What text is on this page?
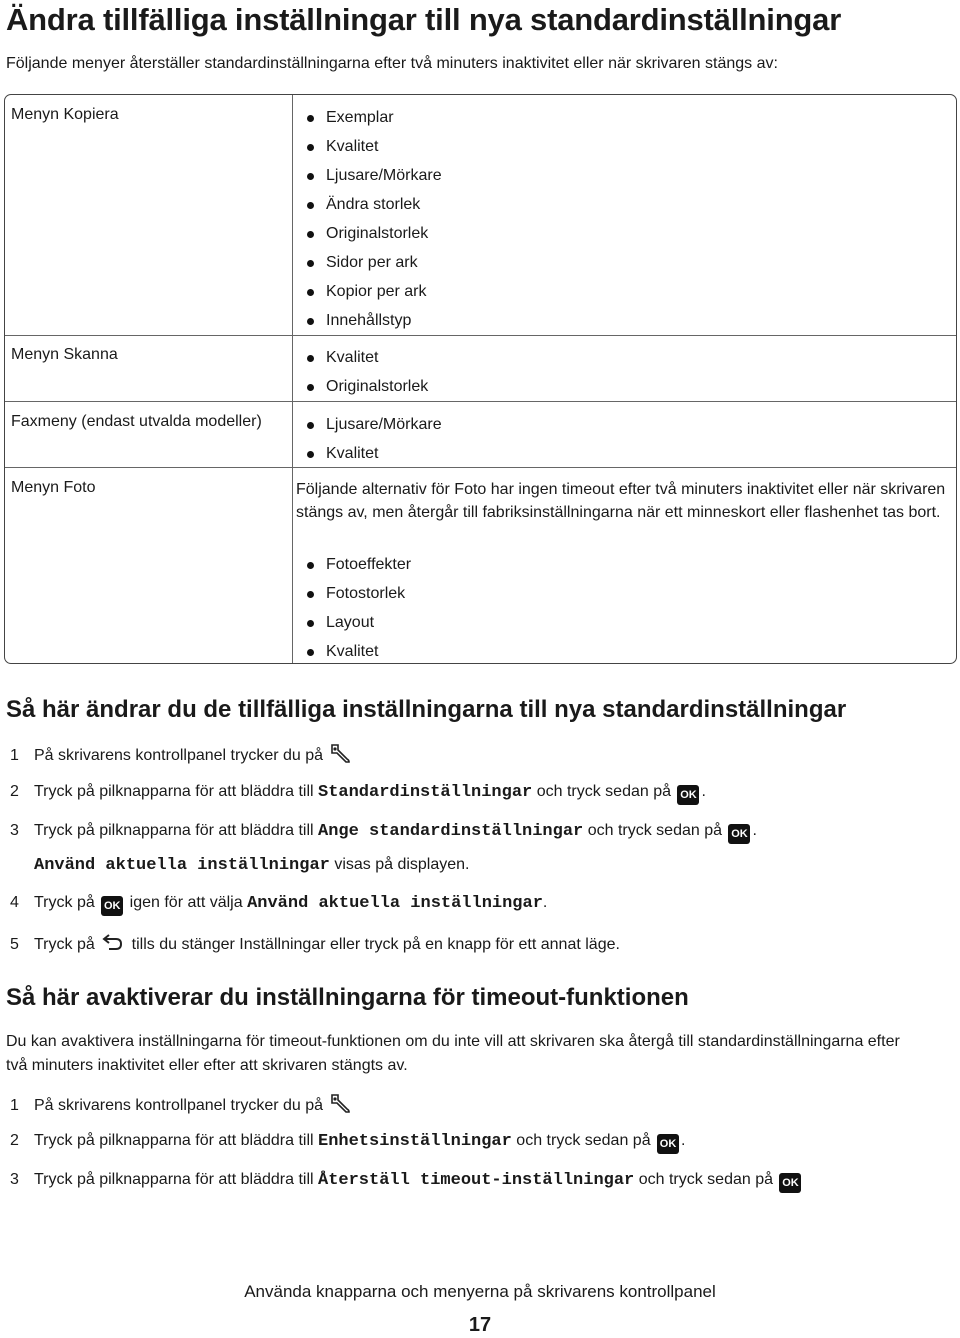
Ändra tillfälliga inställningar till nya standardinställningar
Följande menyer återställer standardinställningarna efter två minuters inaktivitet eller när skrivaren stängs av:
Menyn Kopiera	Exemplar
Kvalitet
Ljusare/Mörkare
Ändra storlek
Originalstorlek
Sidor per ark
Kopior per ark
Innehållstyp
Menyn Skanna	Kvalitet
Originalstorlek
Faxmeny (endast utvalda modeller)	Ljusare/Mörkare
Kvalitet
Menyn Foto	Följande alternativ för Foto har ingen timeout efter två minuters inaktivitet eller när skrivaren stängs av, men återgår till fabriksinställningarna när ett minneskort eller flashenhet tas bort.
Fotoeffekter
Fotostorlek
Layout
Kvalitet
Så här ändrar du de tillfälliga inställningarna till nya standardinställningar
1 På skrivarens kontrollpanel trycker du på
2 Tryck på pilknapparna för att bläddra till Standardinställningar och tryck sedan på OK .
3 Tryck på pilknapparna för att bläddra till Ange standardinställningar och tryck sedan på OK .
Använd aktuella inställningar visas på displayen.
4 Tryck på OK igen för att välja Använd aktuella inställningar.
5 Tryck på tills du stänger Inställningar eller tryck på en knapp för ett annat läge.
Så här avaktiverar du inställningarna för timeout-funktionen
Du kan avaktivera inställningarna för timeout-funktionen om du inte vill att skrivaren ska återgå till standardinställningarna efter två minuters inaktivitet eller efter att skrivaren stängts av.
1 På skrivarens kontrollpanel trycker du på
2 Tryck på pilknapparna för att bläddra till Enhetsinställningar och tryck sedan på OK .
3 Tryck på pilknapparna för att bläddra till Återställ timeout-inställningar och tryck sedan på OK
Använda knapparna och menyerna på skrivarens kontrollpanel
17
